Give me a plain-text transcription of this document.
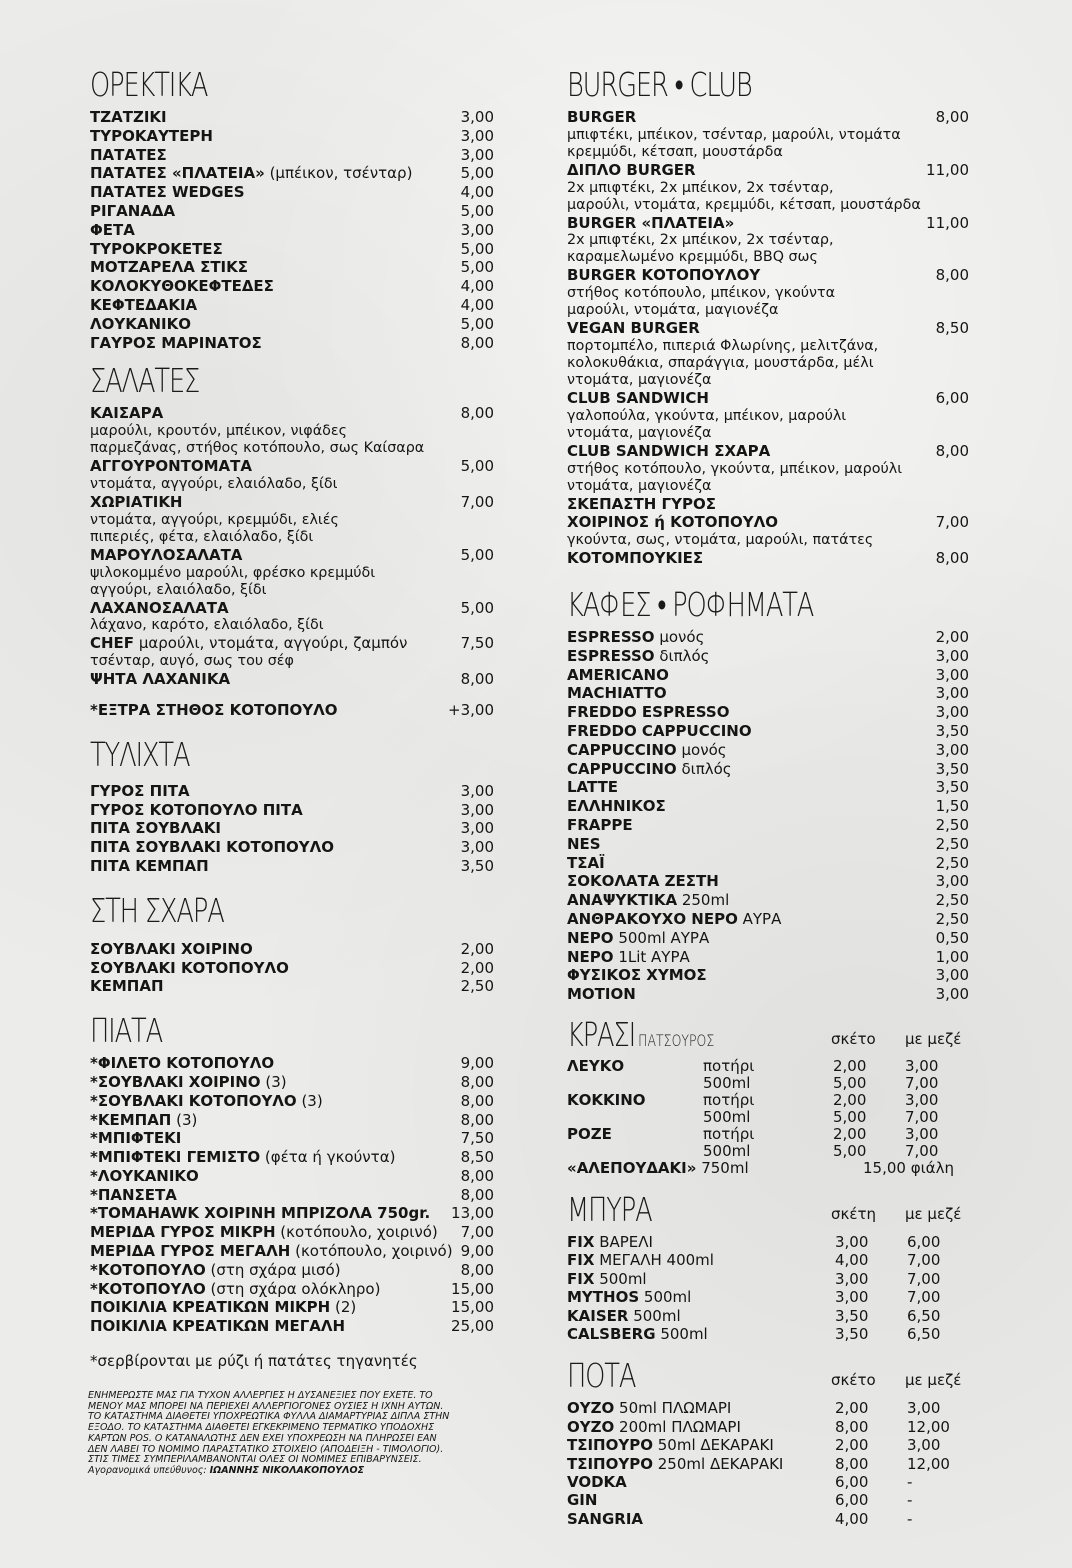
ΟΡΕΚΤΙΚΑ
ΤΖΑΤΖΙΚΙ	3,00
ΤΥΡΟΚΑΥΤΕΡΗ	3,00
ΠΑΤΑΤΕΣ	3,00
ΠΑΤΑΤΕΣ «ΠΛΑΤΕΙΑ» (μπέικον, τσένταρ)	5,00
ΠΑΤΑΤΕΣ WEDGES	4,00
ΡΙΓΑΝΑΔΑ	5,00
ΦΕΤΑ	3,00
ΤΥΡΟΚΡΟΚΕΤΕΣ	5,00
ΜΟΤΖΑΡΕΛΑ ΣΤΙΚΣ	5,00
ΚΟΛΟΚΥΘΟΚΕΦΤΕΔΕΣ	4,00
ΚΕΦΤΕΔΑΚΙΑ	4,00
ΛΟΥΚΑΝΙΚΟ	5,00
ΓΑΥΡΟΣ ΜΑΡΙΝΑΤΟΣ	8,00
ΣΑΛΑΤΕΣ
ΚΑΙΣΑΡΑ	8,00
μαρούλι, κρουτόν, μπέικον, νιφάδες
παρμεζάνας, στήθος κοτόπουλο, σως Καίσαρα
ΑΓΓΟΥΡΟΝΤΟΜΑΤΑ	5,00
ντομάτα, αγγούρι, ελαιόλαδο, ξίδι
ΧΩΡΙΑΤΙΚΗ	7,00
ντομάτα, αγγούρι, κρεμμύδι, ελιές
πιπεριές, φέτα, ελαιόλαδο, ξίδι
ΜΑΡΟΥΛΟΣΑΛΑΤΑ	5,00
ψιλοκομμένο μαρούλι, φρέσκο κρεμμύδι
αγγούρι, ελαιόλαδο, ξίδι
ΛΑΧΑΝΟΣΑΛΑΤΑ	5,00
λάχανο, καρότο, ελαιόλαδο, ξίδι
CHEF μαρούλι, ντομάτα, αγγούρι, ζαμπόν	7,50
τσένταρ, αυγό, σως του σέφ
ΨΗΤΑ ΛΑΧΑΝΙΚΑ	8,00
*ΕΞΤΡΑ ΣΤΗΘΟΣ ΚΟΤΟΠΟΥΛΟ	+3,00
ΤΥΛΙΧΤΑ
ΓΥΡΟΣ ΠΙΤΑ	3,00
ΓΥΡΟΣ ΚΟΤΟΠΟΥΛΟ ΠΙΤΑ	3,00
ΠΙΤΑ ΣΟΥΒΛΑΚΙ	3,00
ΠΙΤΑ ΣΟΥΒΛΑΚΙ ΚΟΤΟΠΟΥΛΟ	3,00
ΠΙΤΑ ΚΕΜΠΑΠ	3,50
ΣΤΗ ΣΧΑΡΑ
ΣΟΥΒΛΑΚΙ ΧΟΙΡΙΝΟ	2,00
ΣΟΥΒΛΑΚΙ ΚΟΤΟΠΟΥΛΟ	2,00
ΚΕΜΠΑΠ	2,50
ΠΙΑΤΑ
*ΦΙΛΕΤΟ ΚΟΤΟΠΟΥΛΟ	9,00
*ΣΟΥΒΛΑΚΙ ΧΟΙΡΙΝΟ (3)	8,00
*ΣΟΥΒΛΑΚΙ ΚΟΤΟΠΟΥΛΟ (3)	8,00
*ΚΕΜΠΑΠ (3)	8,00
*ΜΠΙΦΤΕΚΙ	7,50
*ΜΠΙΦΤΕΚΙ ΓΕΜΙΣΤΟ (φέτα ή γκούντα)	8,50
*ΛΟΥΚΑΝΙΚΟ	8,00
*ΠΑΝΣΕΤΑ	8,00
*TOMAHAWK ΧΟΙΡΙΝΗ ΜΠΡΙΖΟΛΑ 750gr.	13,00
ΜΕΡΙΔΑ ΓΥΡΟΣ ΜΙΚΡΗ (κοτόπουλο, χοιρινό)	7,00
ΜΕΡΙΔΑ ΓΥΡΟΣ ΜΕΓΑΛΗ (κοτόπουλο, χοιρινό) 9,00
*ΚΟΤΟΠΟΥΛΟ (στη σχάρα μισό)	8,00
*ΚΟΤΟΠΟΥΛΟ (στη σχάρα ολόκληρο)	15,00
ΠΟΙΚΙΛΙΑ ΚΡΕΑΤΙΚΩΝ ΜΙΚΡΗ (2)	15,00
ΠΟΙΚΙΛΙΑ ΚΡΕΑΤΙΚΩΝ ΜΕΓΑΛΗ	25,00
*σερβίρονται με ρύζι ή πατάτες τηγανητές
BURGER • CLUB
BURGER	8,00
μπιφτέκι, μπέικον, τσένταρ, μαρούλι, ντομάτα
κρεμμύδι, κέτσαπ, μουστάρδα
ΔΙΠΛΟ BURGER	11,00
2x μπιφτέκι, 2x μπέικον, 2x τσένταρ,
μαρούλι, ντομάτα, κρεμμύδι, κέτσαπ, μουστάρδα
BURGER «ΠΛΑΤΕΙΑ»	11,00
2x μπιφτέκι, 2x μπέικον, 2x τσένταρ,
καραμελωμένο κρεμμύδι, BBQ σως
BURGER ΚΟΤΟΠΟΥΛΟΥ	8,00
στήθος κοτόπουλο, μπέικον, γκούντα
μαρούλι, ντομάτα, μαγιονέζα
VEGAN BURGER	8,50
πορτομπέλο, πιπεριά Φλωρίνης, μελιτζάνα,
κολοκυθάκια, σπαράγγια, μουστάρδα, μέλι
ντομάτα, μαγιονέζα
CLUB SANDWICH	6,00
γαλοπούλα, γκούντα, μπέικον, μαρούλι
ντομάτα, μαγιονέζα
CLUB SANDWICH ΣΧΑΡΑ	8,00
στήθος κοτόπουλο, γκούντα, μπέικον, μαρούλι
ντομάτα, μαγιονέζα
ΣΚΕΠΑΣΤΗ ΓΥΡΟΣ
ΧΟΙΡΙΝΟΣ ή ΚΟΤΟΠΟΥΛΟ	7,00
γκούντα, σως, ντομάτα, μαρούλι, πατάτες
ΚΟΤΟΜΠΟΥΚΙΕΣ	8,00
ΚΑΦΕΣ • ΡΟΦΗΜΑΤΑ
ESPRESSO μονός	2,00
ESPRESSO διπλός	3,00
AMERICANO	3,00
MACHIATTO	3,00
FREDDO ESPRESSO	3,00
FREDDO CAPPUCCINO	3,50
CAPPUCCINO μονός	3,00
CAPPUCCINO διπλός	3,50
LATTE	3,50
ΕΛΛΗΝΙΚΟΣ	1,50
FRAPPE	2,50
NES	2,50
ΤΣΑΪ	2,50
ΣΟΚΟΛΑΤΑ ΖΕΣΤΗ	3,00
ΑΝΑΨΥΚΤΙΚΑ 250ml	2,50
ΑΝΘΡΑΚΟΥΧΟ ΝΕΡΟ ΑΥΡΑ	2,50
ΝΕΡΟ 500ml ΑΥΡΑ	0,50
ΝΕΡΟ 1Lit ΑΥΡΑ	1,00
ΦΥΣΙΚΟΣ ΧΥΜΟΣ	3,00
MOTION	3,00
ΚΡΑΣΙ ΠΑΤΣΟΥΡΟΣ	σκέτο με μεζέ
ΛΕΥΚΟ	ποτήρι	2,00	3,00
500ml	5,00	7,00
ΚΟΚΚΙΝΟ	ποτήρι	2,00	3,00
500ml	5,00	7,00
ΡΟΖΕ	ποτήρι	2,00	3,00
500ml	5,00	7,00
«ΑΛΕΠΟΥΔΑΚΙ» 750ml	15,00 φιάλη
ΜΠΥΡΑ	σκέτη με μεζέ
FIX ΒΑΡΕΛΙ	3,00	6,00
FIX ΜΕΓΑΛΗ 400ml	4,00	7,00
FIX 500ml	3,00	7,00
MYTHOS 500ml	3,00	7,00
KAISER 500ml	3,50	6,50
CALSBERG 500ml	3,50	6,50
ΠΟΤΑ	σκέτο με μεζέ
ΟΥΖΟ 50ml ΠΛΩΜΑΡΙ	2,00	3,00
ΟΥΖΟ 200ml ΠΛΩΜΑΡΙ	8,00	12,00
ΤΣΙΠΟΥΡΟ 50ml ΔΕΚΑΡΑΚΙ	2,00	3,00
ΤΣΙΠΟΥΡΟ 250ml ΔΕΚΑΡΑΚΙ	8,00	12,00
VODKA	6,00	-
GIN	6,00	-
SANGRIA	4,00	-
ΕΝΗΜΕΡΩΣΤΕ ΜΑΣ ΓΙΑ ΤΥΧΟΝ ΑΛΛΕΡΓΙΕΣ Η ΔΥΣΑΝΕΞΙΕΣ ΠΟΥ ΕΧΕΤΕ. ΤΟ
ΜΕΝΟΥ ΜΑΣ ΜΠΟΡΕΙ ΝΑ ΠΕΡΙΕΧΕΙ ΑΛΛΕΡΓΙΟΓΟΝΕΣ ΟΥΣΙΕΣ Η ΙΧΝΗ ΑΥΤΩΝ.
ΤΟ ΚΑΤΑΣΤΗΜΑ ΔΙΑΘΕΤΕΙ ΥΠΟΧΡΕΩΤΙΚΑ ΦΥΛΛΑ ΔΙΑΜΑΡΤΥΡΙΑΣ ΔΙΠΛΑ ΣΤΗΝ
ΕΞΟΔΟ. ΤΟ ΚΑΤΑΣΤΗΜΑ ΔΙΑΘΕΤΕΙ ΕΓΚΕΚΡΙΜΕΝΟ ΤΕΡΜΑΤΙΚΟ ΥΠΟΔΟΧΗΣ
ΚΑΡΤΩΝ POS. Ο ΚΑΤΑΝΑΛΩΤΗΣ ΔΕΝ ΕΧΕΙ ΥΠΟΧΡΕΩΣΗ ΝΑ ΠΛΗΡΩΣΕΙ ΕΑΝ
ΔΕΝ ΛΑΒΕΙ ΤΟ ΝΟΜΙΜΟ ΠΑΡΑΣΤΑΤΙΚΟ ΣΤΟΙΧΕΙΟ (ΑΠΟΔΕΙΞΗ - ΤΙΜΟΛΟΓΙΟ).
ΣΤΙΣ ΤΙΜΕΣ ΣΥΜΠΕΡΙΛΑΜΒΑΝΟΝΤΑΙ ΟΛΕΣ ΟΙ ΝΟΜΙΜΕΣ ΕΠΙΒΑΡΥΝΣΕΙΣ.
Αγορανομικά υπεύθυνος: ΙΩΑΝΝΗΣ ΝΙΚΟΛΑΚΟΠΟΥΛΟΣ
